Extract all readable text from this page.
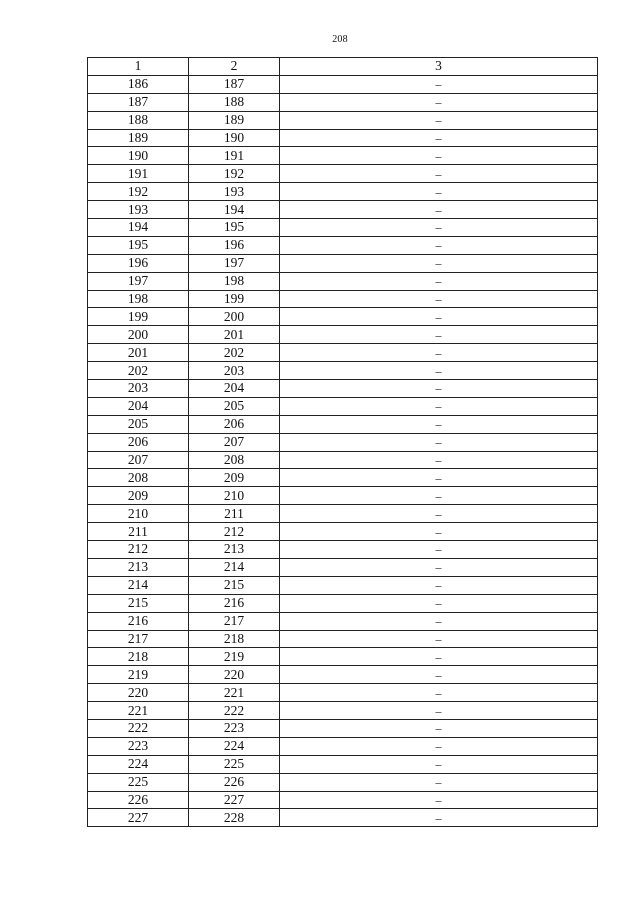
208
1	2	3
186	187	–
187	188	–
188	189	–
189	190	–
190	191	–
191	192	–
192	193	–
193	194	–
194	195	–
195	196	–
196	197	–
197	198	–
198	199	–
199	200	–
200	201	–
201	202	–
202	203	–
203	204	–
204	205	–
205	206	–
206	207	–
207	208	–
208	209	–
209	210	–
210	211	–
211	212	–
212	213	–
213	214	–
214	215	–
215	216	–
216	217	–
217	218	–
218	219	–
219	220	–
220	221	–
221	222	–
222	223	–
223	224	–
224	225	–
225	226	–
226	227	–
227	228	–
